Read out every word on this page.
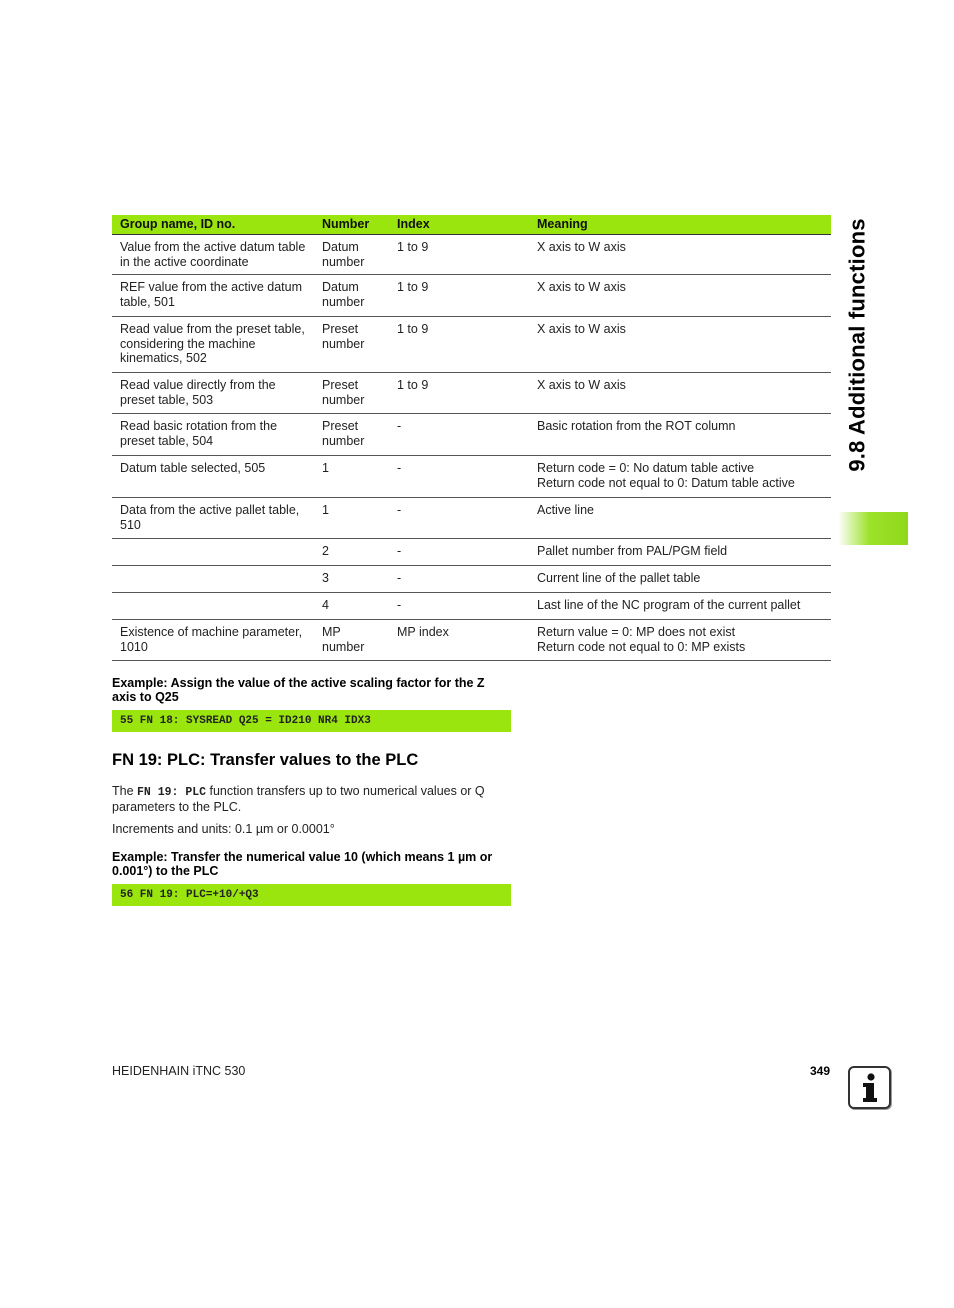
9.8 Additional functions
Group name, ID no.	Number	Index	Meaning
Value from the active datum table in the active coordinate	Datum number	1 to 9	X axis to W axis

REF value from the active datum table, 501	Datum number	1 to 9	X axis to W axis

Read value from the preset table, considering the machine kinematics, 502	Preset number	1 to 9	X axis to W axis

Read value directly from the preset table, 503	Preset number	1 to 9	X axis to W axis

Read basic rotation from the preset table, 504	Preset number	-	Basic rotation from the ROT column

Datum table selected, 505	1	-	Return code = 0: No datum table active
Return code not equal to 0: Datum table active

Data from the active pallet table, 510	1	-	Active line

	2	-	Pallet number from PAL/PGM field

	3	-	Current line of the pallet table

	4	-	Last line of the NC program of the current pallet

Existence of machine parameter, 1010	MP number	MP index	Return value = 0: MP does not exist
Return code not equal to 0: MP exists
Example: Assign the value of the active scaling factor for the Z axis to Q25
55 FN 18: SYSREAD Q25 = ID210 NR4 IDX3
FN 19: PLC: Transfer values to the PLC
The FN 19: PLC function transfers up to two numerical values or Q parameters to the PLC.
Increments and units: 0.1 µm or 0.0001°
Example: Transfer the numerical value 10 (which means 1 µm or 0.001°) to the PLC
56 FN 19: PLC=+10/+Q3
HEIDENHAIN iTNC 530	349
